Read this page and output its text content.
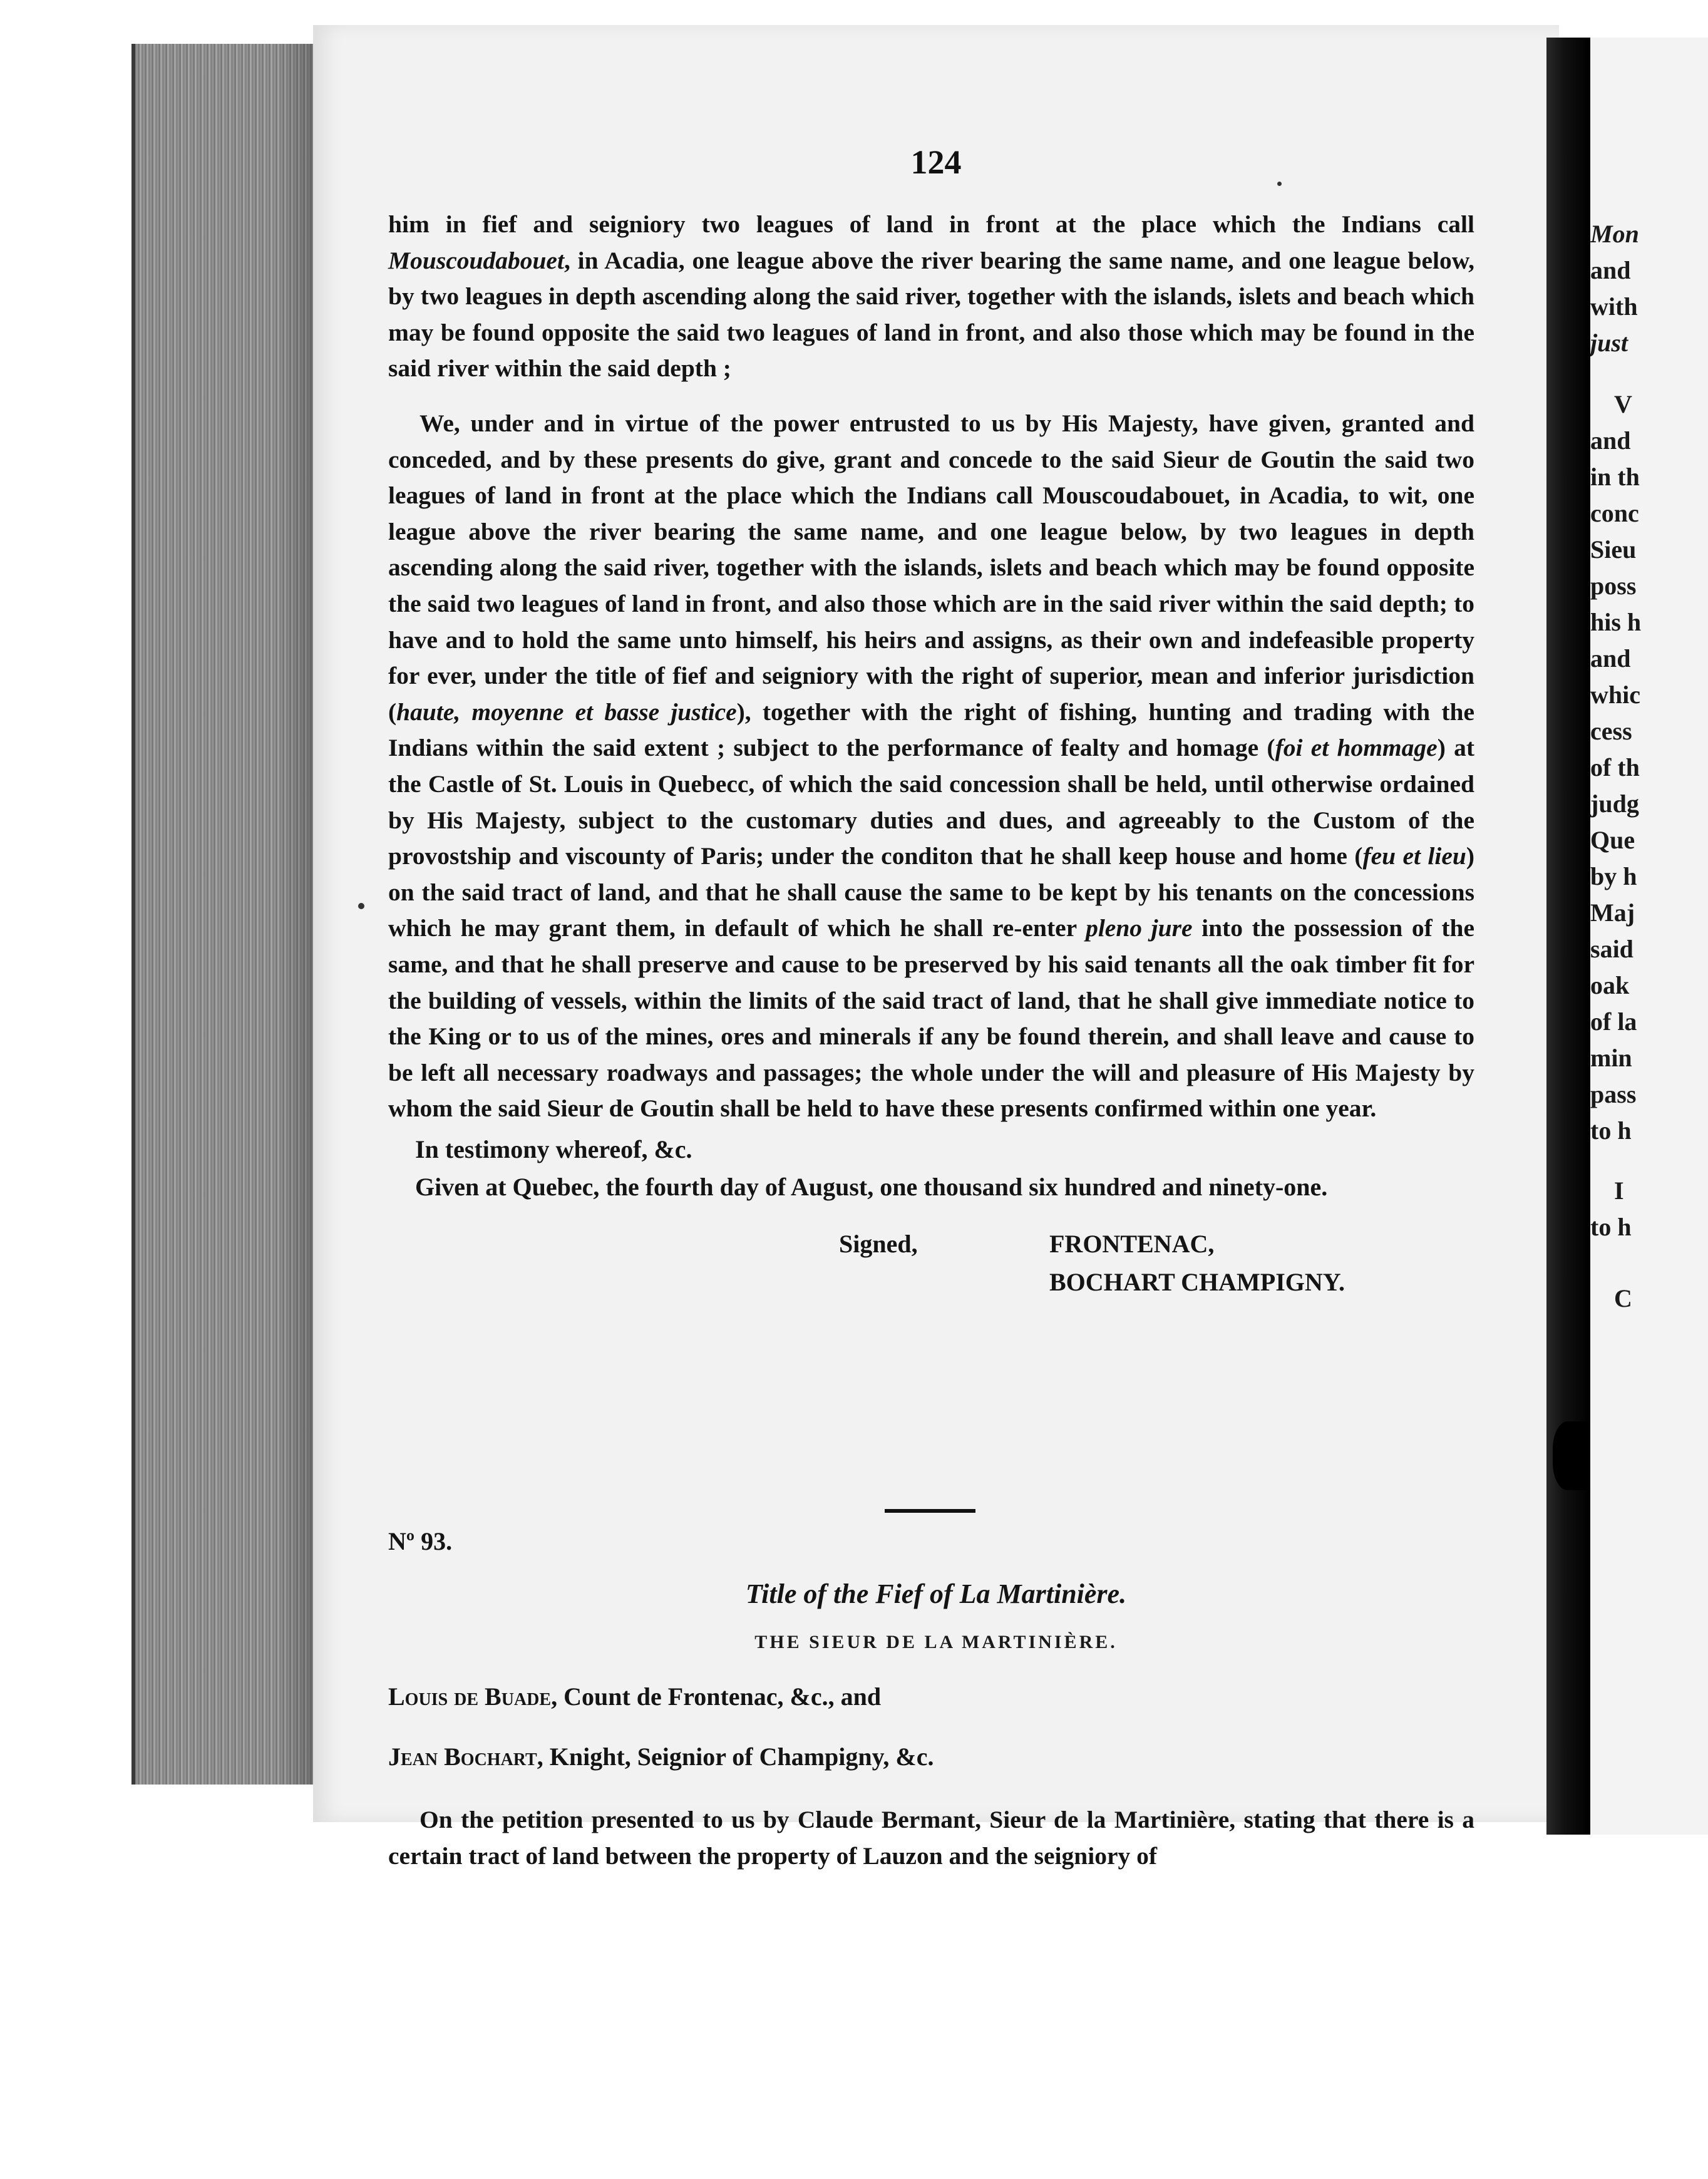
124

him in fief and seigniory two leagues of land in front at the place which the Indians call Mouscoudabouet, in Acadia, one league above the river bearing the same name, and one league below, by two leagues in depth ascending along the said river, together with the islands, islets and beach which may be found opposite the said two leagues of land in front, and also those which may be found in the said river within the said depth ;

We, under and in virtue of the power entrusted to us by His Majesty, have given, granted and conceded, and by these presents do give, grant and concede to the said Sieur de Goutin the said two leagues of land in front at the place which the Indians call Mouscoudabouet, in Acadia, to wit, one league above the river bearing the same name, and one league below, by two leagues in depth ascending along the said river, together with the islands, islets and beach which may be found opposite the said two leagues of land in front, and also those which are in the said river within the said depth; to have and to hold the same unto himself, his heirs and assigns, as their own and indefeasible property for ever, under the title of fief and seigniory with the right of superior, mean and inferior jurisdiction (haute, moyenne et basse justice), together with the right of fishing, hunting and trading with the Indians within the said extent ; subject to the performance of fealty and homage (foi et hommage) at the Castle of St. Louis in Quebecc, of which the said concession shall be held, until otherwise ordained by His Majesty, subject to the customary duties and dues, and agreeably to the Custom of the provostship and viscounty of Paris; under the conditon that he shall keep house and home (feu et lieu) on the said tract of land, and that he shall cause the same to be kept by his tenants on the concessions which he may grant them, in default of which he shall re-enter pleno jure into the possession of the same, and that he shall preserve and cause to be preserved by his said tenants all the oak timber fit for the building of vessels, within the limits of the said tract of land, that he shall give immediate notice to the King or to us of the mines, ores and minerals if any be found therein, and shall leave and cause to be left all necessary roadways and passages; the whole under the will and pleasure of His Majesty by whom the said Sieur de Goutin shall be held to have these presents confirmed within one year.

In testimony whereof, &c.
Given at Quebec, the fourth day of August, one thousand six hundred and ninety-one.
Signed,	FRONTENAC,
BOCHART CHAMPIGNY.
Nº 93.
Title of the Fief of La Martinière.
THE SIEUR DE LA MARTINIÈRE.
Louis de Buade, Count de Frontenac, &c., and
Jean Bochart, Knight, Seignior of Champigny, &c.

On the petition presented to us by Claude Bermant, Sieur de la Martinière, stating that there is a certain tract of land between the property of Lauzon and the seigniory of

Mon
and
with
just
V
and
in th
conc
Sieu
poss
his h
and
whic
cess
of th
judg
Que
by h
Maj
said
oak
of la
min
pass
to h
I
to h
C
